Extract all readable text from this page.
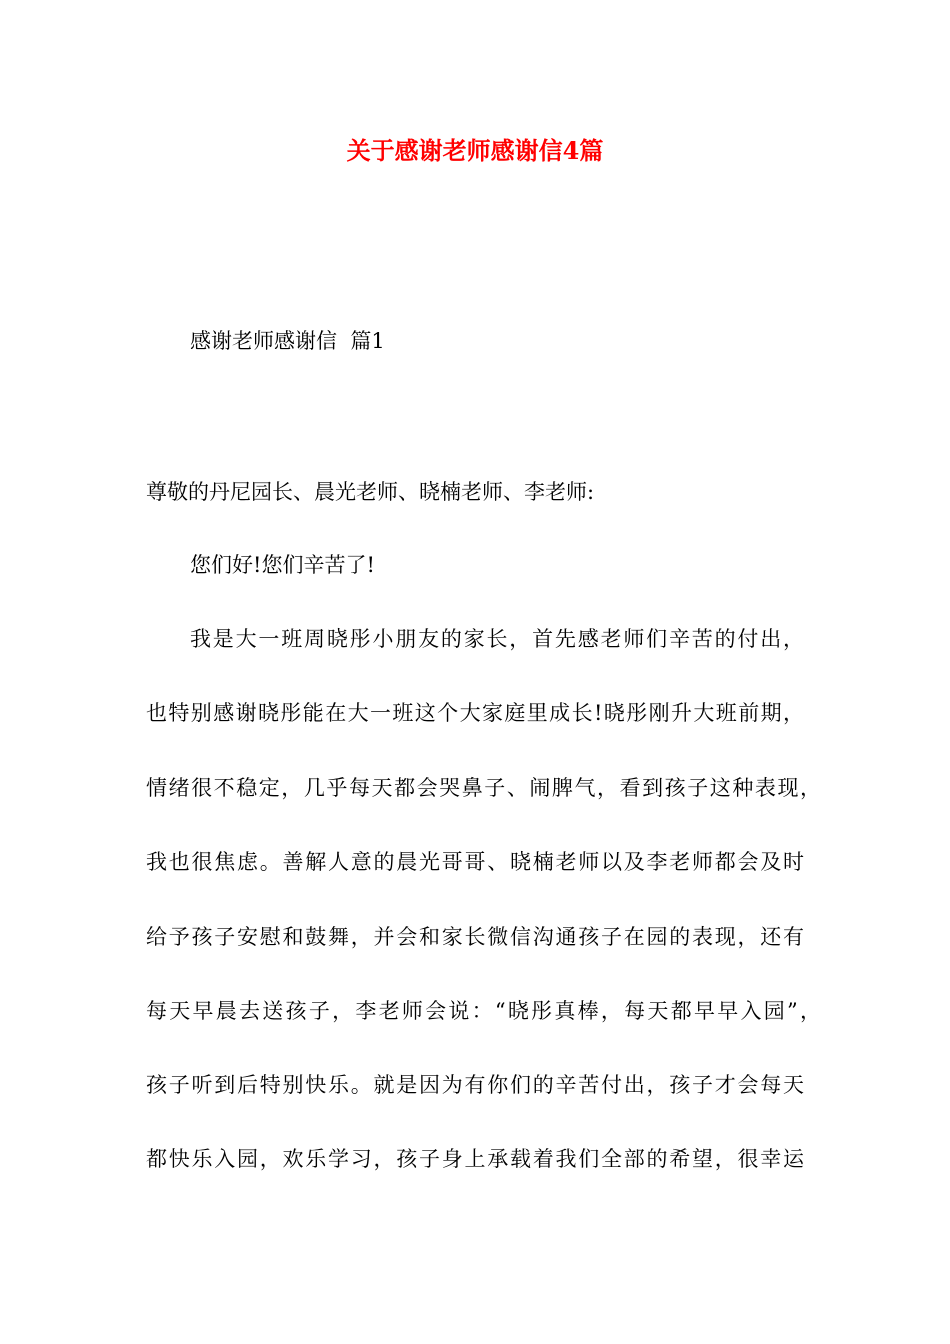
关于感谢老师感谢信4篇

感谢老师感谢信  篇1

尊敬的丹尼园长、晨光老师、晓楠老师、李老师:

您们好!您们辛苦了!

我是大一班周晓彤小朋友的家长，首先感老师们辛苦的付出，

也特别感谢晓彤能在大一班这个大家庭里成长!晓彤刚升大班前期，

情绪很不稳定，几乎每天都会哭鼻子、闹脾气，看到孩子这种表现，

我也很焦虑。善解人意的晨光哥哥、晓楠老师以及李老师都会及时

给予孩子安慰和鼓舞，并会和家长微信沟通孩子在园的表现，还有

每天早晨去送孩子，李老师会说：“晓彤真棒，每天都早早入园”，

孩子听到后特别快乐。就是因为有你们的辛苦付出，孩子才会每天

都快乐入园，欢乐学习，孩子身上承载着我们全部的希望，很幸运
